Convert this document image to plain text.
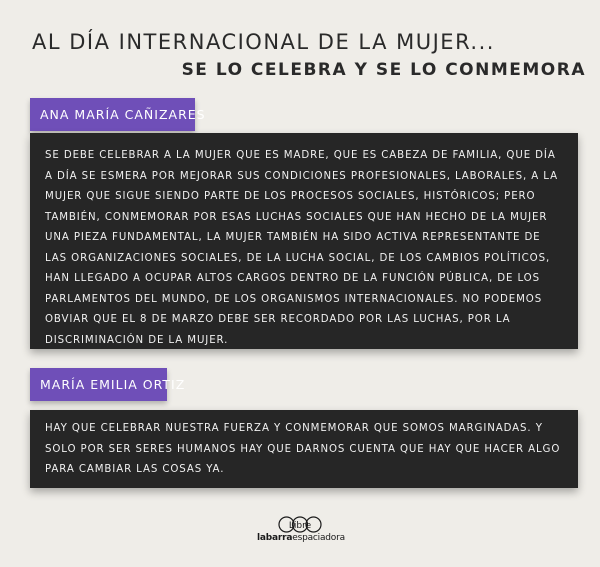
AL DÍA INTERNACIONAL DE LA MUJER...
SE LO CELEBRA Y SE LO CONMEMORA
ANA MARÍA CAÑIZARES
SE DEBE CELEBRAR A LA MUJER QUE ES MADRE, QUE ES CABEZA DE FAMILIA, QUE DÍA A DÍA SE ESMERA POR MEJORAR SUS CONDICIONES PROFESIONALES, LABORALES, A LA MUJER QUE SIGUE SIENDO PARTE DE LOS PROCESOS SOCIALES, HISTÓRICOS; PERO TAMBIÉN, CONMEMORAR POR ESAS LUCHAS SOCIALES QUE HAN HECHO DE LA MUJER UNA PIEZA FUNDAMENTAL, LA MUJER TAMBIÉN HA SIDO ACTIVA REPRESENTANTE DE LAS ORGANIZACIONES SOCIALES, DE LA LUCHA SOCIAL, DE LOS CAMBIOS POLÍTICOS, HAN LLEGADO A OCUPAR ALTOS CARGOS DENTRO DE LA FUNCIÓN PÚBLICA, DE LOS PARLAMENTOS DEL MUNDO, DE LOS ORGANISMOS INTERNACIONALES. NO PODEMOS OBVIAR QUE EL 8 DE MARZO DEBE SER RECORDADO POR LAS LUCHAS, POR LA DISCRIMINACIÓN DE LA MUJER.
MARÍA EMILIA ORTIZ
HAY QUE CELEBRAR NUESTRA FUERZA Y CONMEMORAR QUE SOMOS MARGINADAS. Y SOLO POR SER SERES HUMANOS HAY QUE DARNOS CUENTA QUE HAY QUE HACER ALGO PARA CAMBIAR LAS COSAS YA.
Libre
labarraespaciadora
